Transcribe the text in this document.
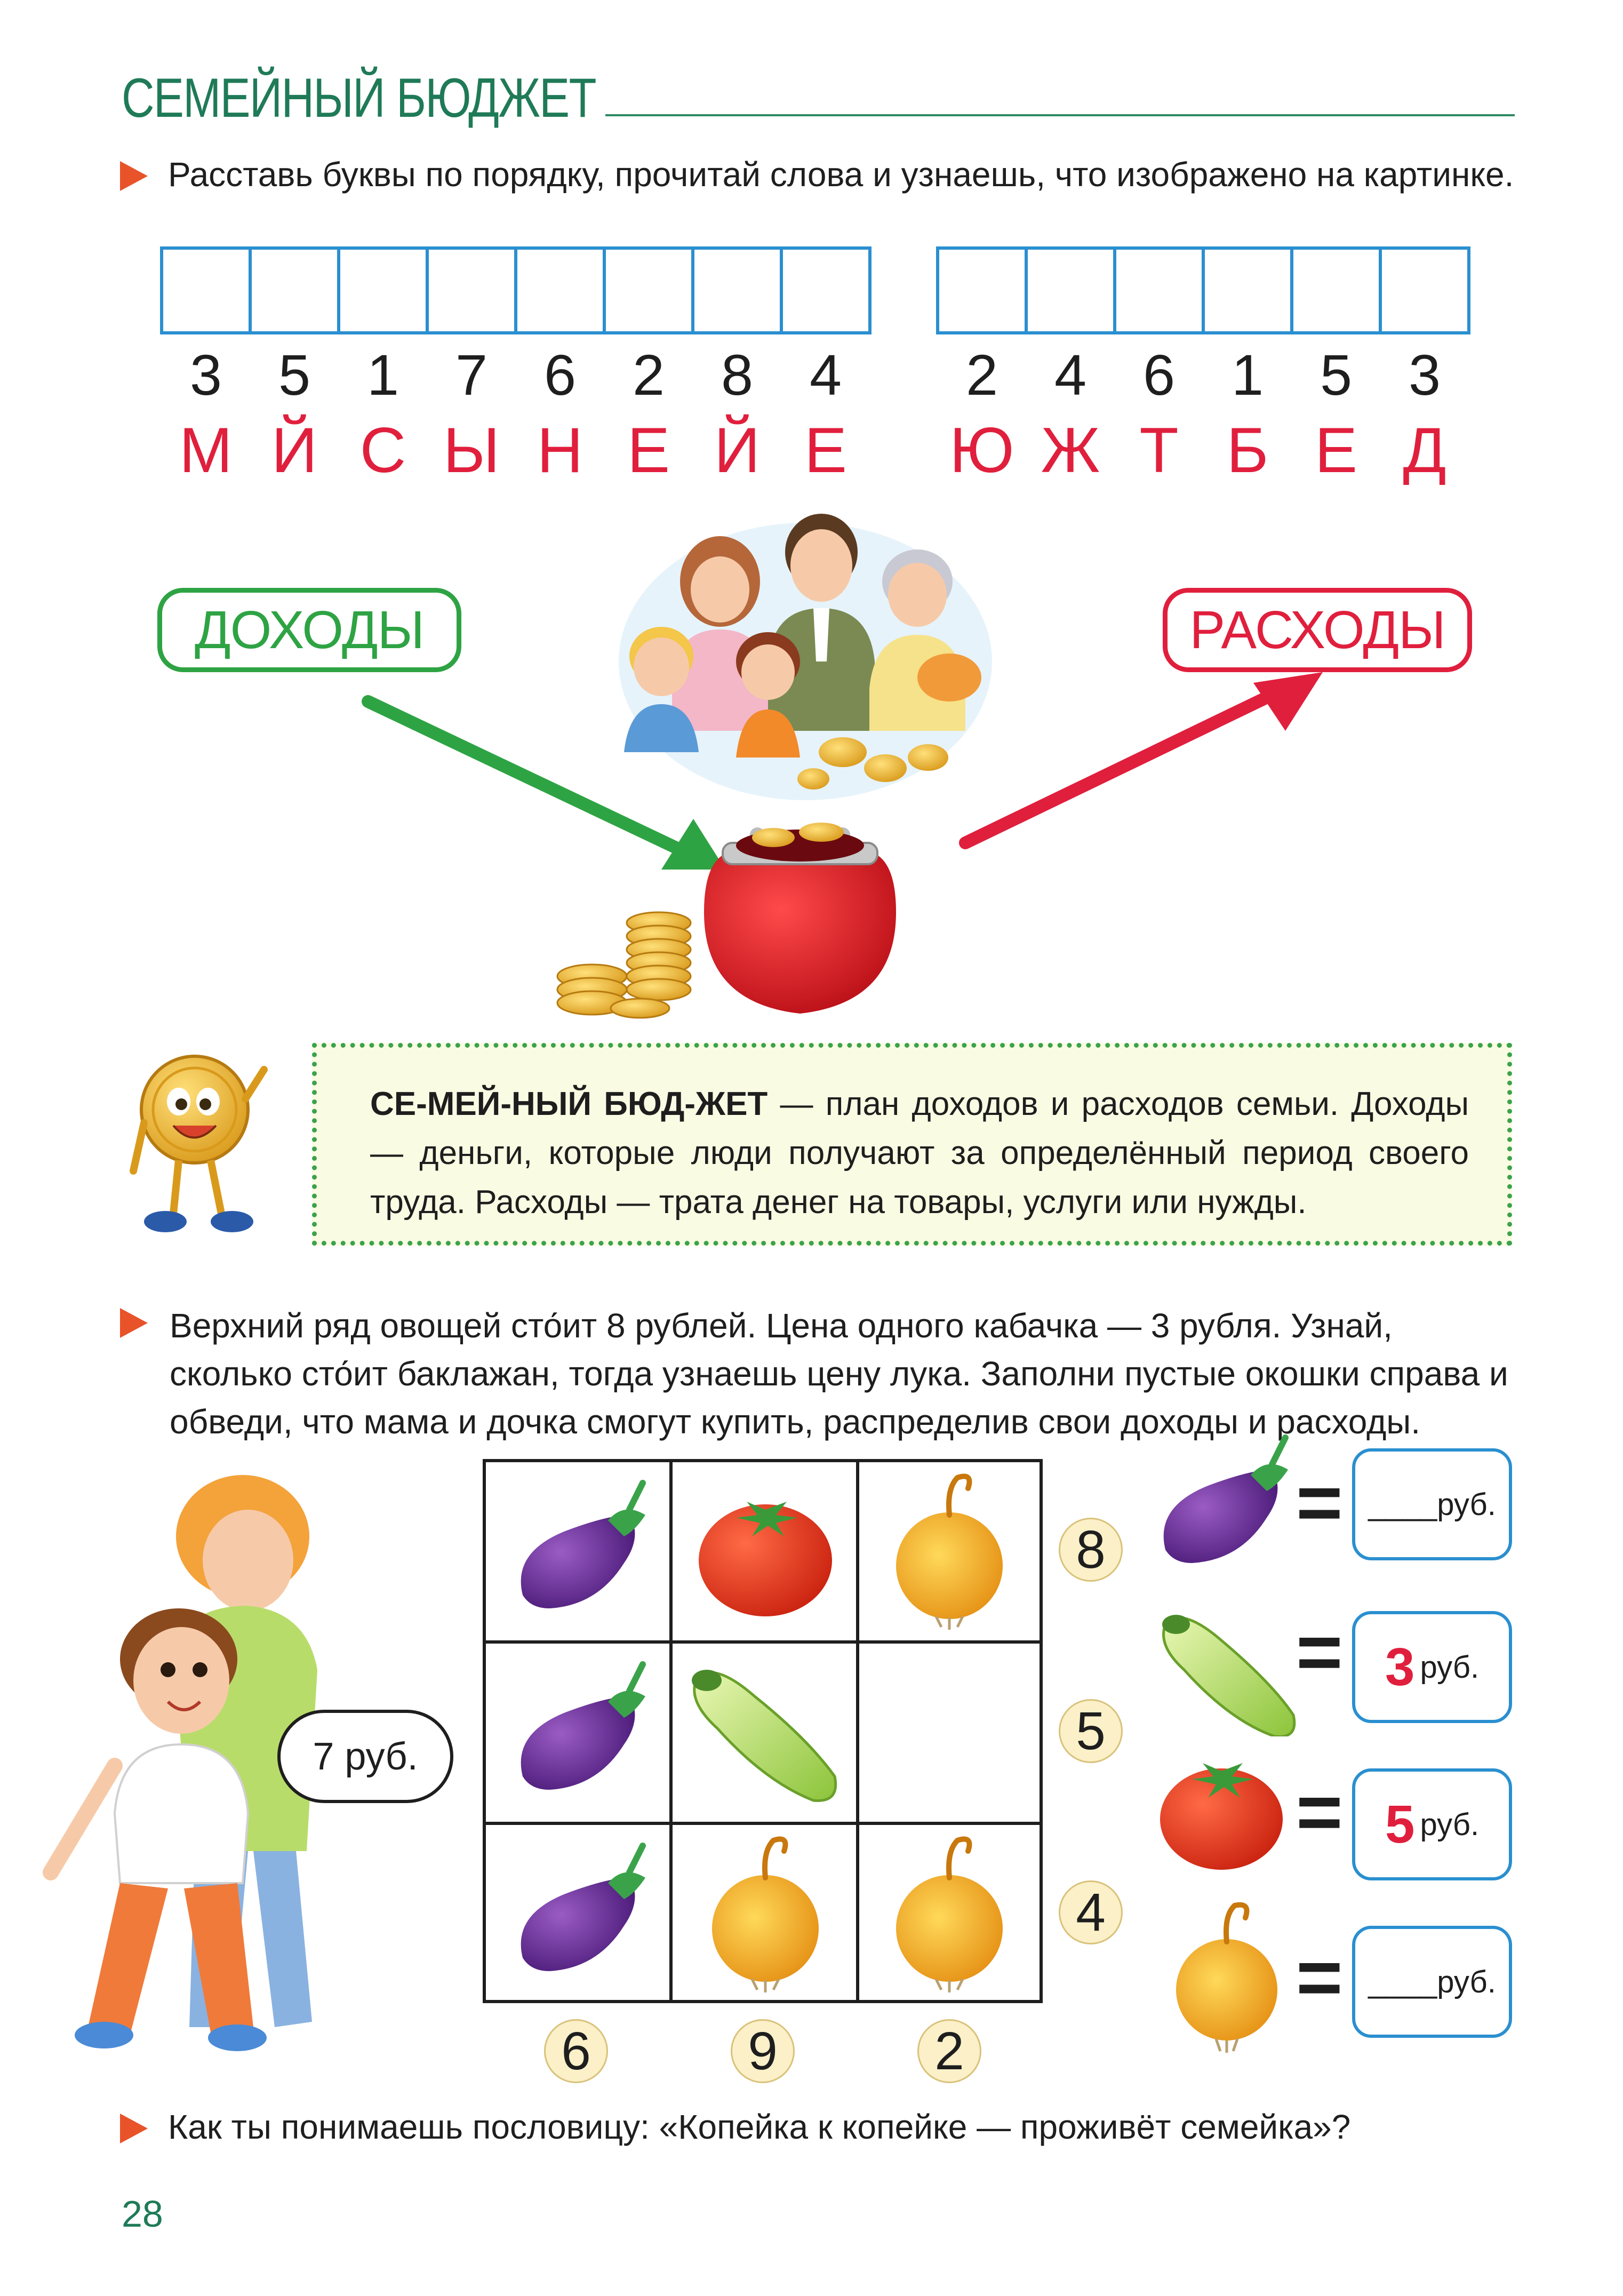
СЕМЕЙНЫЙ БЮДЖЕТ
Расставь буквы по порядку, прочитай слова и узнаешь, что изображено на картинке.
3 5 1 7 6 2 8 4
М Й С Ы Н Е Й Е
2 4 6 1 5 3
Ю Ж Т Б Е Д
ДОХОДЫ	РАСХОДЫ
СЕ-МЕЙ-НЫЙ БЮД-ЖЕТ — план доходов и расходов семьи. Доходы — деньги, которые люди получают за определённый период своего труда. Расходы — трата денег на товары, услуги или нужды.
Верхний ряд овощей сто́ит 8 рублей. Цена одного кабачка — 3 рубля. Узнай, сколько сто́ит баклажан, тогда узнаешь цену лука. Заполни пустые окошки справа и обведи, что мама и дочка смогут купить, распределив свои доходы и расходы.
7 руб.
8
5
4
6	9	2
= ____ руб.
= 3 руб.
= 5 руб.
= ____ руб.
Как ты понимаешь пословицу: «Копейка к копейке — проживёт семейка»?
28
